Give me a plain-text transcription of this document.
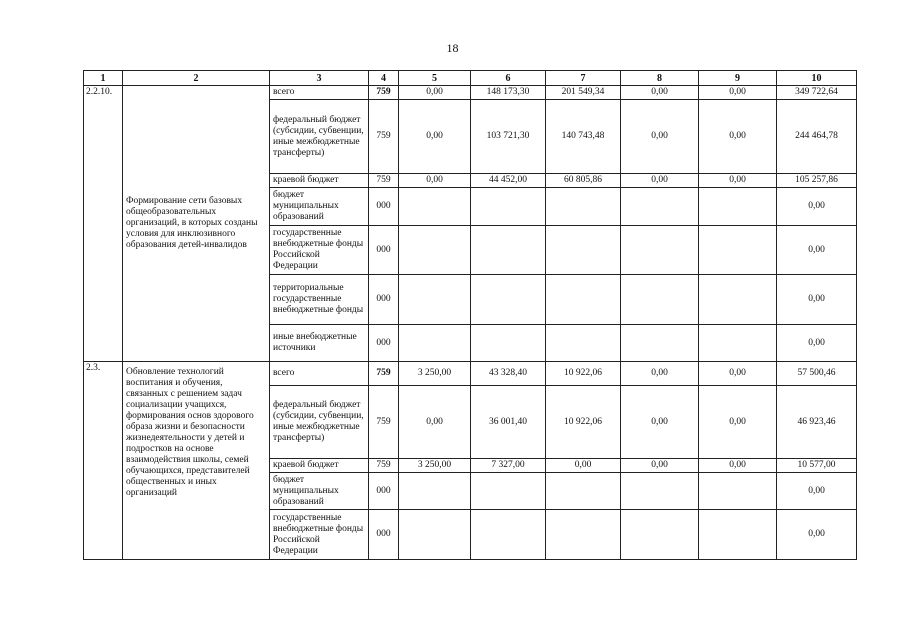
18
1	2	3	4	5	6	7	8	9	10
2.2.10.	Формирование сети базовых общеобразовательных организаций, в которых созданы условия для инклюзивного образования детей-инвалидов	всего	759	0,00	148 173,30	201 549,34	0,00	0,00	349 722,64
		федеральный бюджет (субсидии, субвенции, иные межбюджетные трансферты)	759	0,00	103 721,30	140 743,48	0,00	0,00	244 464,78
		краевой бюджет	759	0,00	44 452,00	60 805,86	0,00	0,00	105 257,86
		бюджет муниципальных образований	000						0,00
		государственные внебюджетные фонды Российской Федерации	000						0,00
		территориальные государственные внебюджетные фонды	000						0,00
		иные внебюджетные источники	000						0,00
2.3.	Обновление технологий воспитания и обучения, связанных с решением задач социализации учащихся, формирования основ здорового образа жизни и безопасности жизнедеятельности у детей и подростков на основе взаимодействия школы, семей обучающихся, представителей общественных и иных организаций	всего	759	3 250,00	43 328,40	10 922,06	0,00	0,00	57 500,46
		федеральный бюджет (субсидии, субвенции, иные межбюджетные трансферты)	759	0,00	36 001,40	10 922,06	0,00	0,00	46 923,46
		краевой бюджет	759	3 250,00	7 327,00	0,00	0,00	0,00	10 577,00
		бюджет муниципальных образований	000						0,00
		государственные внебюджетные фонды Российской Федерации	000						0,00
